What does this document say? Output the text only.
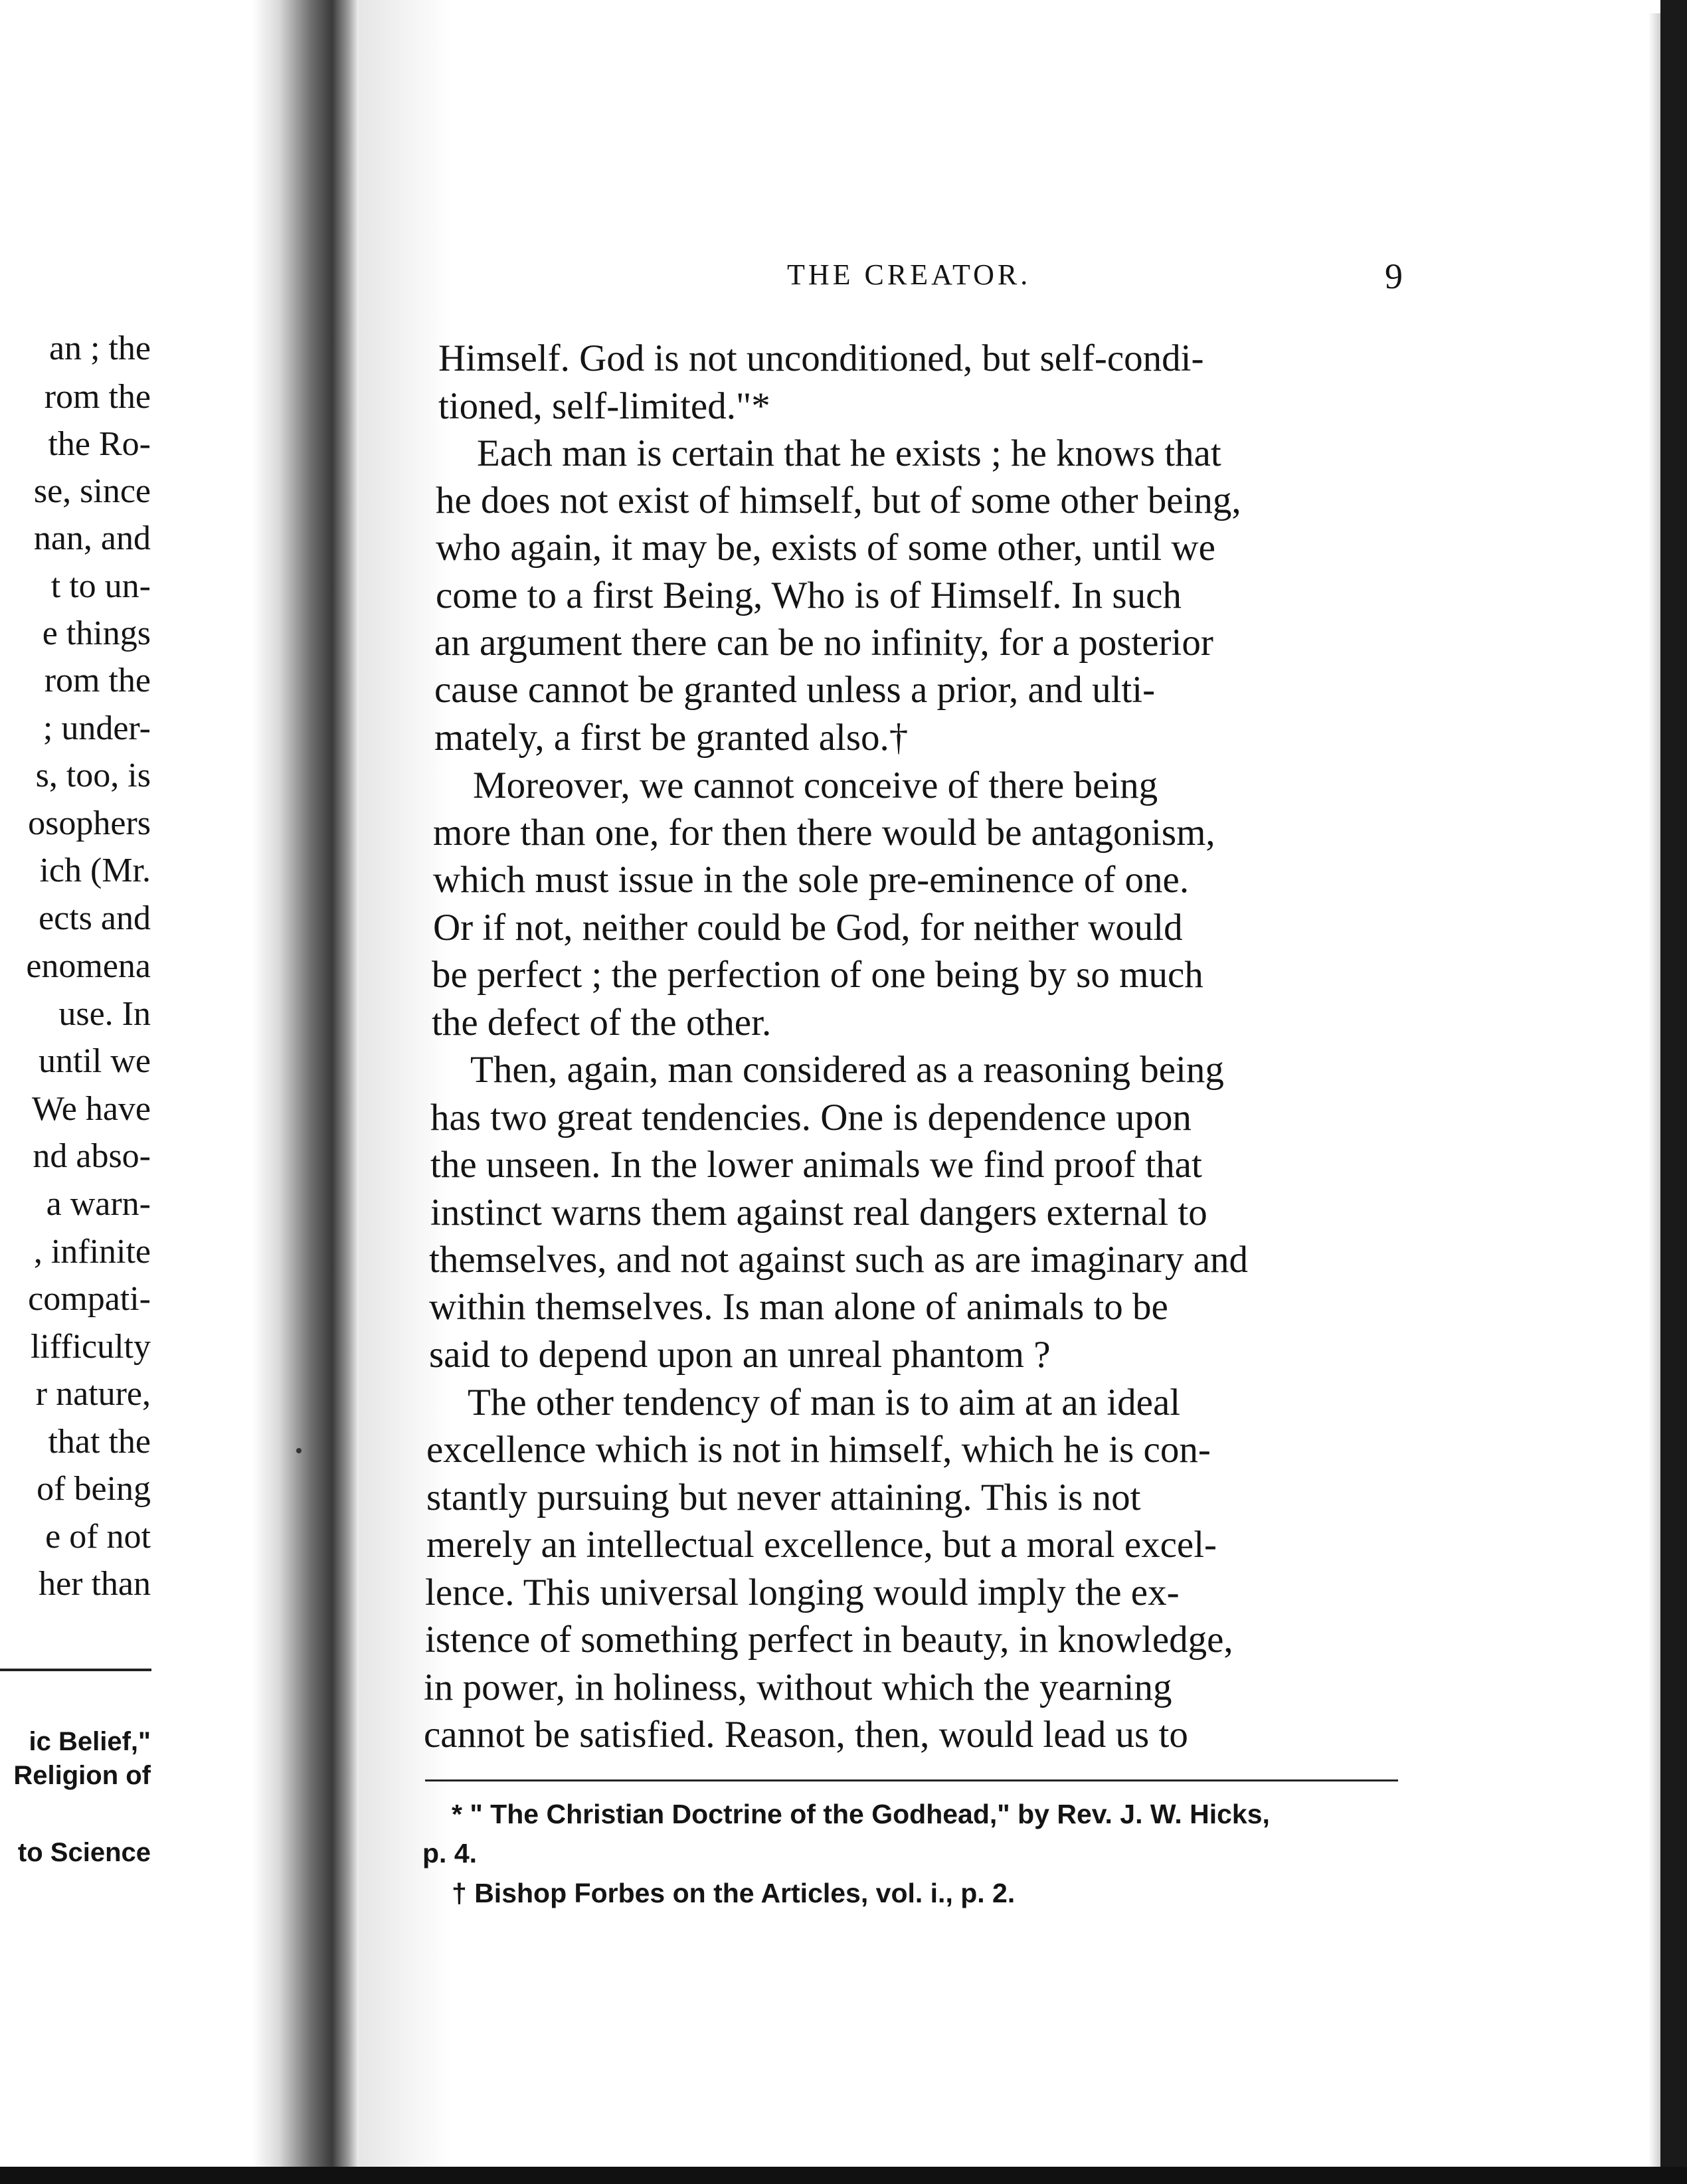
an ; the
rom the
the Ro-
se, since
nan, and
t to un-
e things
rom the
; under-
s, too, is
osophers
ich (Mr.
ects and
enomena
use. In
until we
We have
nd abso-
a warn-
, infinite
compati-
lifficulty
r nature,
that the
of being
e of not
her than
ic Belief,"
Religion of
to Science
THE CREATOR.	9
Himself. God is not unconditioned, but self-condi-
tioned, self-limited."*
Each man is certain that he exists ; he knows that
he does not exist of himself, but of some other being,
who again, it may be, exists of some other, until we
come to a first Being, Who is of Himself. In such
an argument there can be no infinity, for a posterior
cause cannot be granted unless a prior, and ulti-
mately, a first be granted also.†
Moreover, we cannot conceive of there being
more than one, for then there would be antagonism,
which must issue in the sole pre-eminence of one.
Or if not, neither could be God, for neither would
be perfect ; the perfection of one being by so much
the defect of the other.
Then, again, man considered as a reasoning being
has two great tendencies. One is dependence upon
the unseen. In the lower animals we find proof that
instinct warns them against real dangers external to
themselves, and not against such as are imaginary and
within themselves. Is man alone of animals to be
said to depend upon an unreal phantom ?
The other tendency of man is to aim at an ideal
excellence which is not in himself, which he is con-
stantly pursuing but never attaining. This is not
merely an intellectual excellence, but a moral excel-
lence. This universal longing would imply the ex-
istence of something perfect in beauty, in knowledge,
in power, in holiness, without which the yearning
cannot be satisfied. Reason, then, would lead us to
* " The Christian Doctrine of the Godhead," by Rev. J. W. Hicks,
p. 4.
† Bishop Forbes on the Articles, vol. i., p. 2.
